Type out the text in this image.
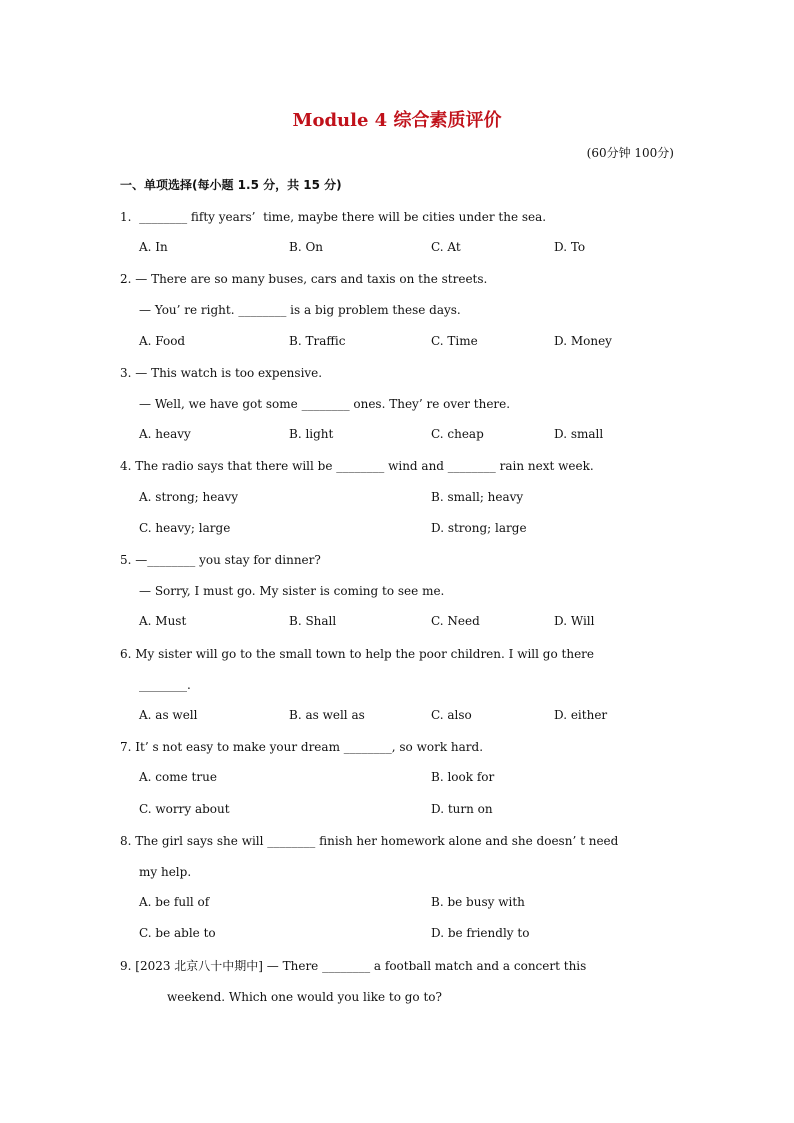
Module 4 综合素质评价
(60分钟 100分)
一、单项选择(每小题 1.5 分，共 15 分)
1.  ________ fifty years’  time, maybe there will be cities under the sea.
A. In	B. On	C. At	D. To
2. — There are so many buses, cars and taxis on the streets.
— You’ re right. ________ is a big problem these days.
A. Food	B. Traffic	C. Time	D. Money
3. — This watch is too expensive.
— Well, we have got some ________ ones. They’ re over there.
A. heavy	B. light	C. cheap	D. small
4. The radio says that there will be ________ wind and ________ rain next week.
A. strong; heavy	B. small; heavy
C. heavy; large	D. strong; large
5. —________ you stay for dinner?
— Sorry, I must go. My sister is coming to see me.
A. Must	B. Shall	C. Need	D. Will
6. My sister will go to the small town to help the poor children. I will go there
________.
A. as well	B. as well as	C. also	D. either
7. It’ s not easy to make your dream ________, so work hard.
A. come true	B. look for
C. worry about	D. turn on
8. The girl says she will ________ finish her homework alone and she doesn’ t need
my help.
A. be full of	B. be busy with
C. be able to	D. be friendly to
9. [2023 北京八十中期中] — There ________ a football match and a concert this
weekend. Which one would you like to go to?
